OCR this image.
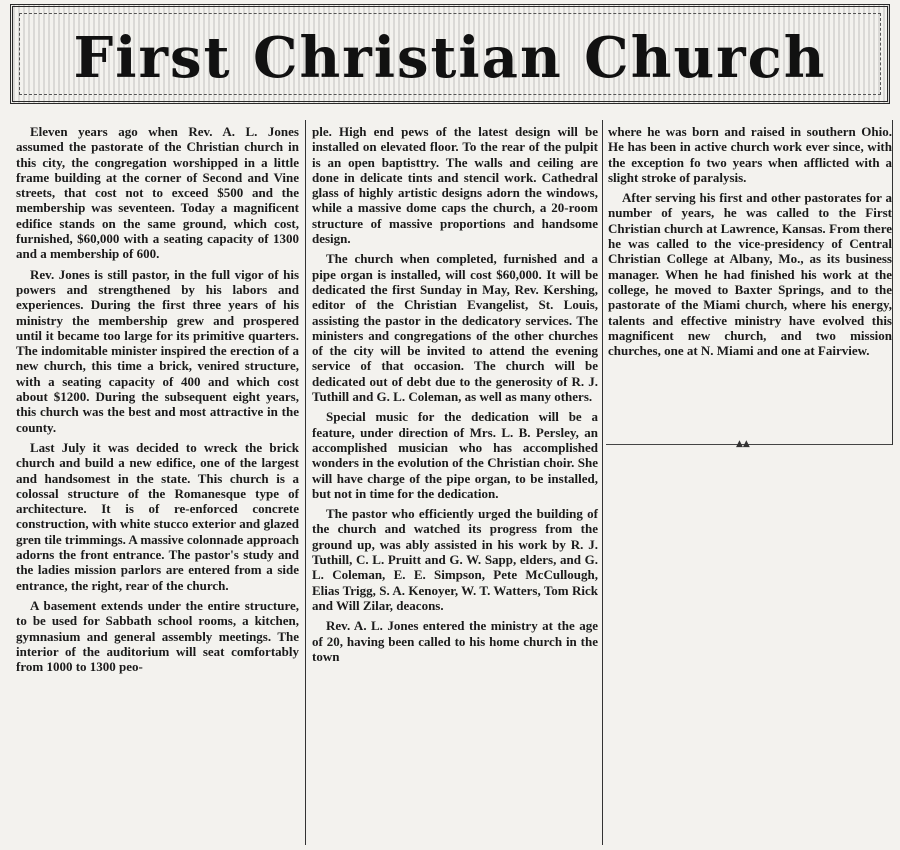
First Christian Church

Eleven years ago when Rev. A. L. Jones assumed the pastorate of the Christian church in this city, the congregation worshipped in a little frame building at the corner of Second and Vine streets, that cost not to exceed $500 and the membership was seventeen. Today a magnificent edifice stands on the same ground, which cost, furnished, $60,000 with a seating capacity of 1300 and a membership of 600.

Rev. Jones is still pastor, in the full vigor of his powers and strengthened by his labors and experiences. During the first three years of his ministry the membership grew and prospered until it became too large for its primitive quarters. The indomitable minister inspired the erection of a new church, this time a brick, venired structure, with a seating capacity of 400 and which cost about $1200. During the subsequent eight years, this church was the best and most attractive in the county.

Last July it was decided to wreck the brick church and build a new edifice, one of the largest and handsomest in the state. This church is a colossal structure of the Romanesque type of architecture. It is of re-enforced concrete construction, with white stucco exterior and glazed gren tile trimmings. A massive colonnade approach adorns the front entrance. The pastor's study and the ladies mission parlors are entered from a side entrance, the right, rear of the church.

A basement extends under the entire structure, to be used for Sabbath school rooms, a kitchen, gymnasium and general assembly meetings. The interior of the auditorium will seat comfortably from 1000 to 1300 peo-

ple. High end pews of the latest design will be installed on elevated floor. To the rear of the pulpit is an open baptisttry. The walls and ceiling are done in delicate tints and stencil work. Cathedral glass of highly artistic designs adorn the windows, while a massive dome caps the church, a 20-room structure of massive proportions and handsome design.

The church when completed, furnished and a pipe organ is installed, will cost $60,000. It will be dedicated the first Sunday in May, Rev. Kershing, editor of the Christian Evangelist, St. Louis, assisting the pastor in the dedicatory services. The ministers and congregations of the other churches of the city will be invited to attend the evening service of that occasion. The church will be dedicated out of debt due to the generosity of R. J. Tuthill and G. L. Coleman, as well as many others.

Special music for the dedication will be a feature, under direction of Mrs. L. B. Persley, an accomplished musician who has accomplished wonders in the evolution of the Christian choir. She will have charge of the pipe organ, to be installed, but not in time for the dedication.

The pastor who efficiently urged the building of the church and watched its progress from the ground up, was ably assisted in his work by R. J. Tuthill, C. L. Pruitt and G. W. Sapp, elders, and G. L. Coleman, E. E. Simpson, Pete McCullough, Elias Trigg, S. A. Kenoyer, W. T. Watters, Tom Rick and Will Zilar, deacons.

Rev. A. L. Jones entered the ministry at the age of 20, having been called to his home church in the town

where he was born and raised in southern Ohio. He has been in active church work ever since, with the exception fo two years when afflicted with a slight stroke of paralysis.

After serving his first and other pastorates for a number of years, he was called to the First Christian church at Lawrence, Kansas. From there he was called to the vice-presidency of Central Christian College at Albany, Mo., as its business manager. When he had finished his work at the college, he moved to Baxter Springs, and to the pastorate of the Miami church, where his energy, talents and effective ministry have evolved this magnificent new church, and two mission churches, one at N. Miami and one at Fairview.

▲▲
